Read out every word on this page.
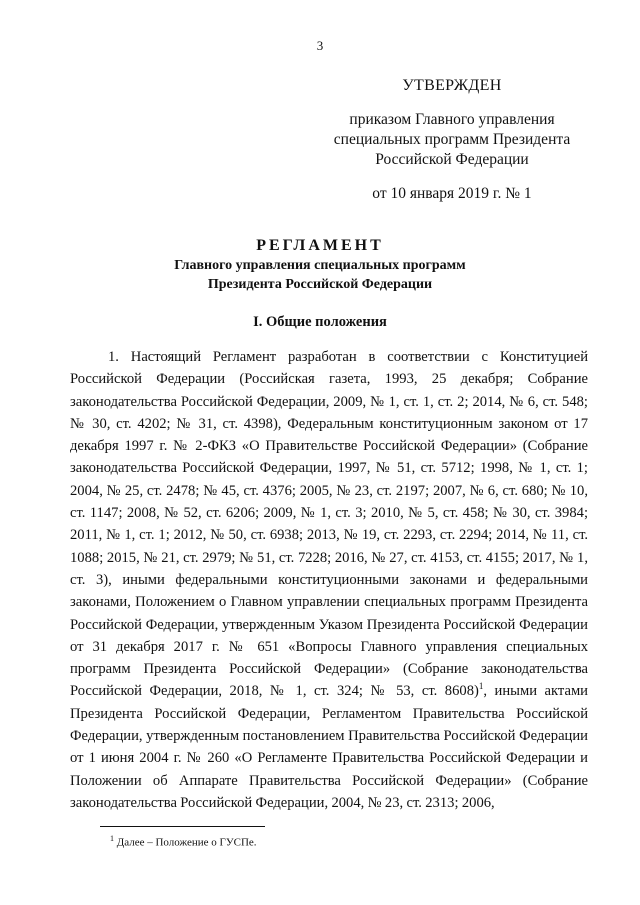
3
УТВЕРЖДЕН
приказом Главного управления
специальных программ Президента
Российской Федерации
от 10 января 2019 г. № 1
РЕГЛАМЕНТ
Главного управления специальных программ
Президента Российской Федерации
I. Общие положения

1. Настоящий Регламент разработан в соответствии с Конституцией Российской Федерации (Российская газета, 1993, 25 декабря; Собрание законодательства Российской Федерации, 2009, № 1, ст. 1, ст. 2; 2014, № 6, ст. 548; № 30, ст. 4202; № 31, ст. 4398), Федеральным конституционным законом от 17 декабря 1997 г. № 2-ФКЗ «О Правительстве Российской Федерации» (Собрание законодательства Российской Федерации, 1997, № 51, ст. 5712; 1998, № 1, ст. 1; 2004, № 25, ст. 2478; № 45, ст. 4376; 2005, № 23, ст. 2197; 2007, № 6, ст. 680; № 10, ст. 1147; 2008, № 52, ст. 6206; 2009, № 1, ст. 3; 2010, № 5, ст. 458; № 30, ст. 3984; 2011, № 1, ст. 1; 2012, № 50, ст. 6938; 2013, № 19, ст. 2293, ст. 2294; 2014, № 11, ст. 1088; 2015, № 21, ст. 2979; № 51, ст. 7228; 2016, № 27, ст. 4153, ст. 4155; 2017, № 1, ст. 3), иными федеральными конституционными законами и федеральными законами, Положением о Главном управлении специальных программ Президента Российской Федерации, утвержденным Указом Президента Российской Федерации от 31 декабря 2017 г. № 651 «Вопросы Главного управления специальных программ Президента Российской Федерации» (Собрание законодательства Российской Федерации, 2018, № 1, ст. 324; № 53, ст. 8608)$^1$, иными актами Президента Российской Федерации, Регламентом Правительства Российской Федерации, утвержденным постановлением Правительства Российской Федерации от 1 июня 2004 г. № 260 «О Регламенте Правительства Российской Федерации и Положении об Аппарате Правительства Российской Федерации» (Собрание законодательства Российской Федерации, 2004, № 23, ст. 2313; 2006,

$^1$ Далее – Положение о ГУСПе.
